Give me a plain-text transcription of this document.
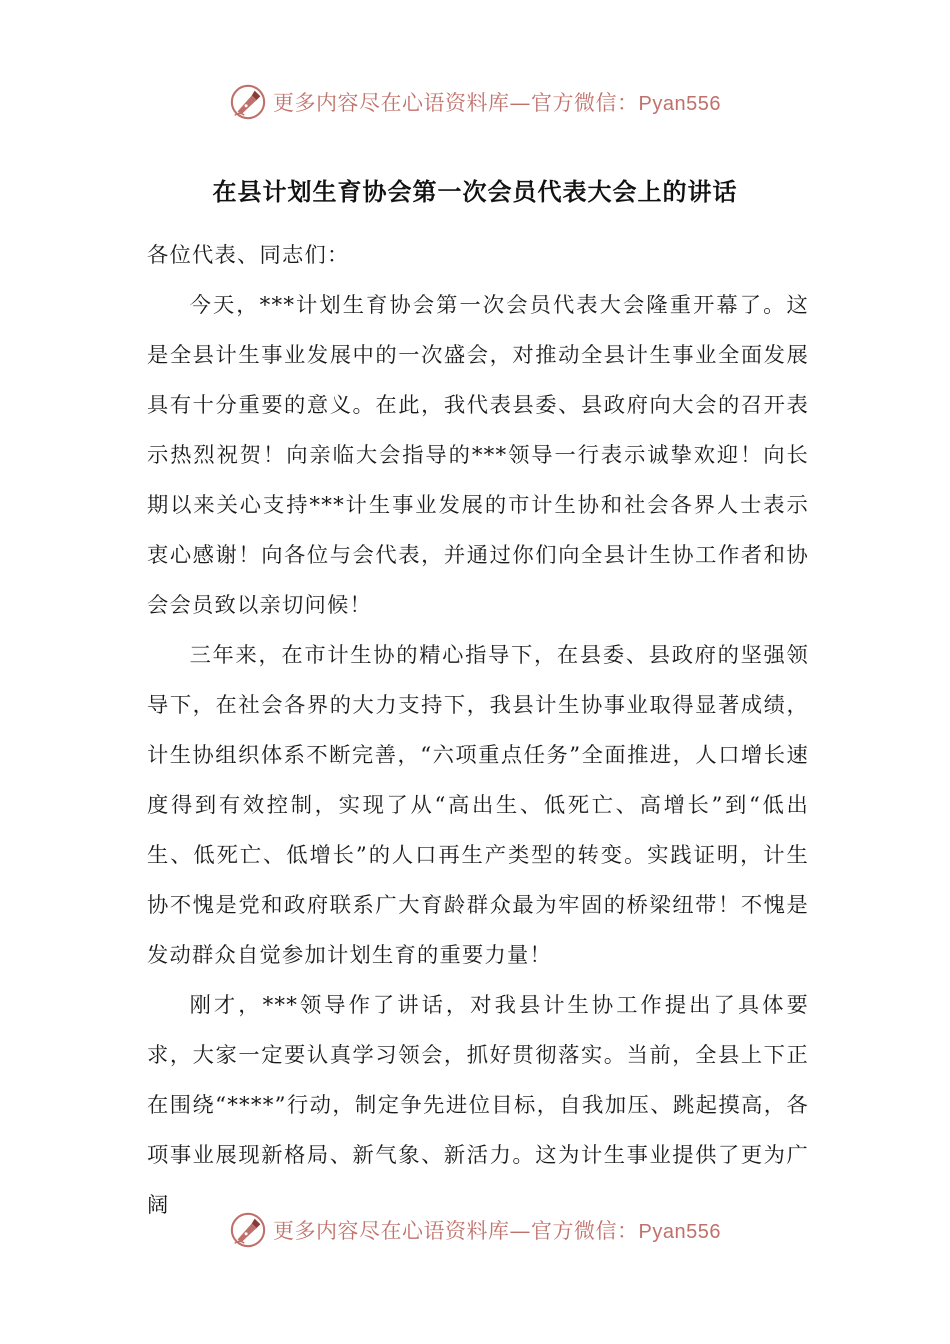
更多内容尽在心语资料库—官方微信：Pyan556
在县计划生育协会第一次会员代表大会上的讲话

各位代表、同志们：

今天，***计划生育协会第一次会员代表大会隆重开幕了。这是全县计生事业发展中的一次盛会，对推动全县计生事业全面发展具有十分重要的意义。在此，我代表县委、县政府向大会的召开表示热烈祝贺！向亲临大会指导的***领导一行表示诚挚欢迎！向长期以来关心支持***计生事业发展的市计生协和社会各界人士表示衷心感谢！向各位与会代表，并通过你们向全县计生协工作者和协会会员致以亲切问候！

三年来，在市计生协的精心指导下，在县委、县政府的坚强领导下，在社会各界的大力支持下，我县计生协事业取得显著成绩，计生协组织体系不断完善，“六项重点任务”全面推进，人口增长速度得到有效控制，实现了从“高出生、低死亡、高增长”到“低出生、低死亡、低增长”的人口再生产类型的转变。实践证明，计生协不愧是党和政府联系广大育龄群众最为牢固的桥梁纽带！不愧是发动群众自觉参加计划生育的重要力量！

刚才，***领导作了讲话，对我县计生协工作提出了具体要求，大家一定要认真学习领会，抓好贯彻落实。当前，全县上下正在围绕“****”行动，制定争先进位目标，自我加压、跳起摸高，各项事业展现新格局、新气象、新活力。这为计生事业提供了更为广阔

更多内容尽在心语资料库—官方微信：Pyan556
